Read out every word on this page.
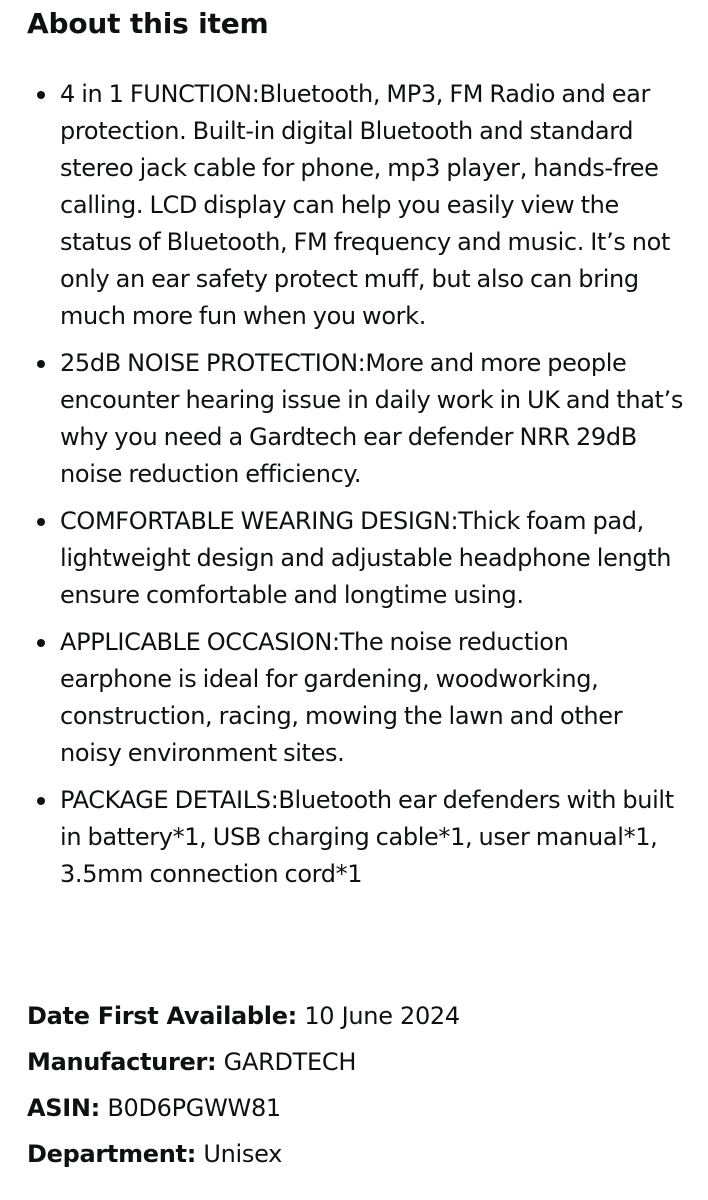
About this item
4 in 1 FUNCTION:Bluetooth, MP3, FM Radio and ear protection. Built-in digital Bluetooth and standard stereo jack cable for phone, mp3 player, hands-free calling. LCD display can help you easily view the status of Bluetooth, FM frequency and music. It’s not only an ear safety protect muff, but also can bring much more fun when you work.
25dB NOISE PROTECTION:More and more people encounter hearing issue in daily work in UK and that’s why you need a Gardtech ear defender NRR 29dB noise reduction efficiency.
COMFORTABLE WEARING DESIGN:Thick foam pad, lightweight design and adjustable headphone length ensure comfortable and longtime using.
APPLICABLE OCCASION:The noise reduction earphone is ideal for gardening, woodworking, construction, racing, mowing the lawn and other noisy environment sites.
PACKAGE DETAILS:Bluetooth ear defenders with built in battery*1, USB charging cable*1, user manual*1, 3.5mm connection cord*1
Date First Available: 10 June 2024
Manufacturer: GARDTECH
ASIN: B0D6PGWW81
Department: Unisex
